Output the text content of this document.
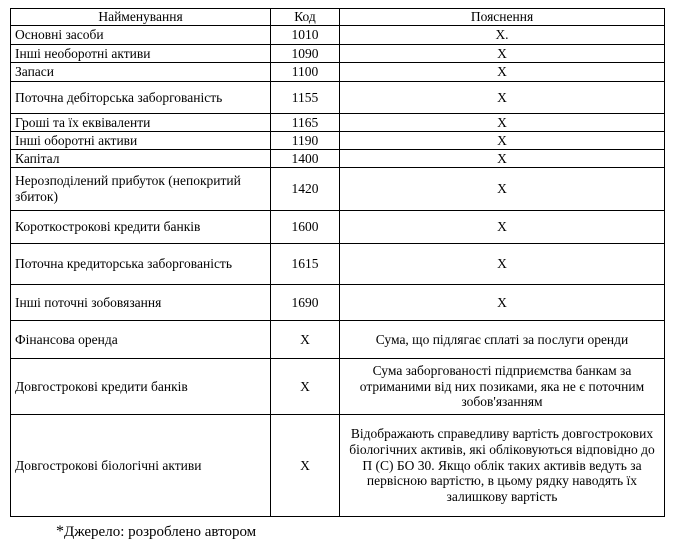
Найменування	Код	Пояснення
Основні засоби	1010	X.
Інші необоротні активи	1090	X
Запаси	1100	X
Поточна дебіторська заборгованість	1155	X
Гроші та їх еквіваленти	1165	X
Інші оборотні активи	1190	X
Капітал	1400	X
Нерозподілений прибуток (непокритий збиток)	1420	X
Короткострокові кредити банків	1600	X
Поточна кредиторська заборгованість	1615	X
Інші поточні зобовязання	1690	X
Фінансова оренда	X	Сума, що підлягає сплаті за послуги оренди
Довгострокові кредити банків	X	Сума заборгованості підприємства банкам за отриманими від них позиками, яка не є поточним зобов'язанням
Довгострокові біологічні активи	X	Відображають справедливу вартість довгострокових біологічних активів, які обліковуються відповідно до П (С) БО 30. Якщо облік таких активів ведуть за первісною вартістю, в цьому рядку наводять їх залишкову вартість
*Джерело: розроблено автором
